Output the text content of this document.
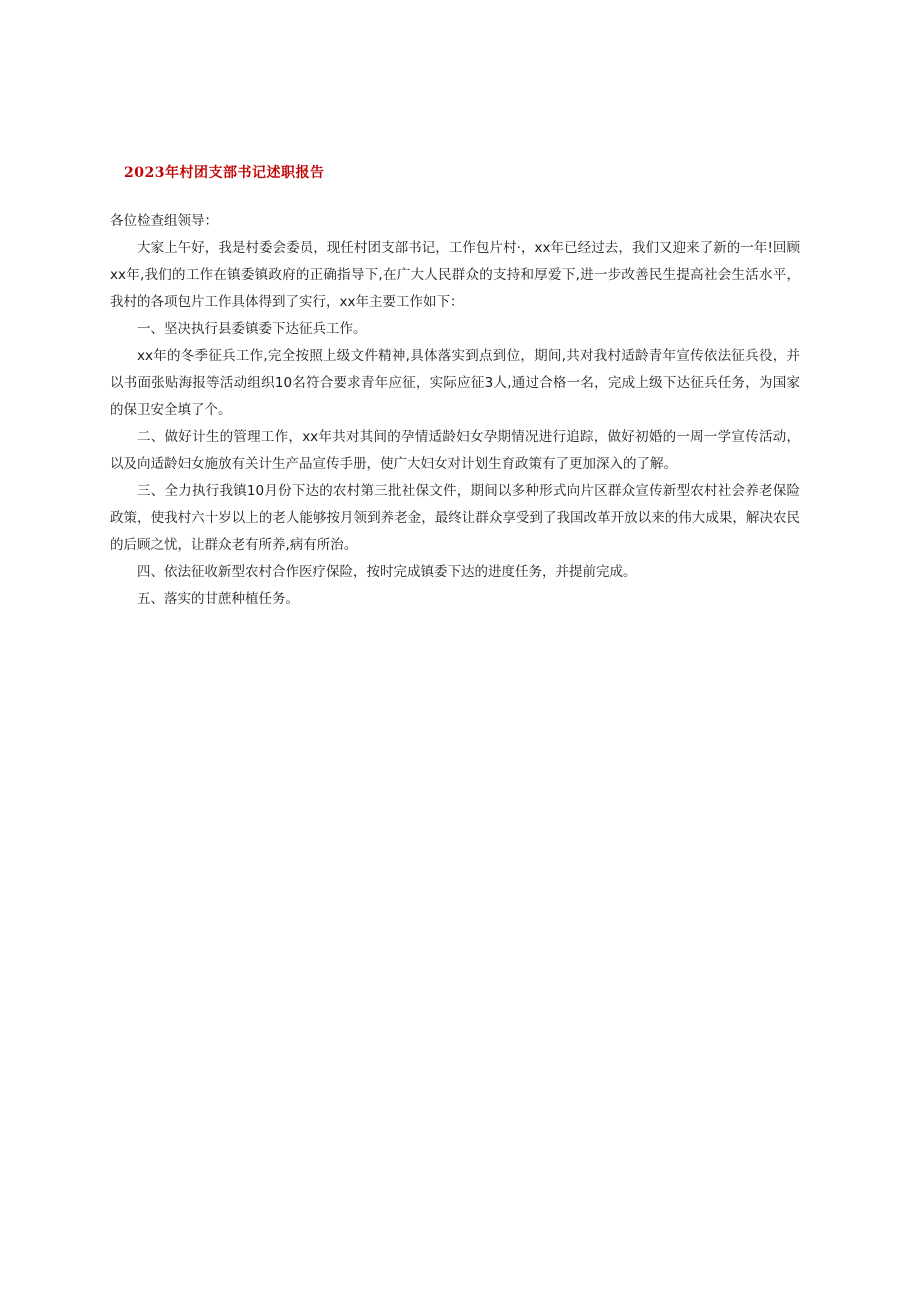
2023年村团支部书记述职报告

各位检查组领导：

大家上午好，我是村委会委员，现任村团支部书记，工作包片村·，xx年已经过去，我们又迎来了新的一年!回顾xx年,我们的工作在镇委镇政府的正确指导下,在广大人民群众的支持和厚爱下,进一步改善民生提高社会生活水平，我村的各项包片工作具体得到了实行，xx年主要工作如下：

一、坚决执行县委镇委下达征兵工作。

xx年的冬季征兵工作,完全按照上级文件精神,具体落实到点到位，期间,共对我村适龄青年宣传依法征兵役，并以书面张贴海报等活动组织10名符合要求青年应征，实际应征3人,通过合格一名，完成上级下达征兵任务，为国家的保卫安全填了个。

二、做好计生的管理工作，xx年共对其间的孕情适龄妇女孕期情况进行追踪，做好初婚的一周一学宣传活动，以及向适龄妇女施放有关计生产品宣传手册，使广大妇女对计划生育政策有了更加深入的了解。

三、全力执行我镇10月份下达的农村第三批社保文件，期间以多种形式向片区群众宣传新型农村社会养老保险政策，使我村六十岁以上的老人能够按月领到养老金，最终让群众享受到了我国改革开放以来的伟大成果，解决农民的后顾之忧，让群众老有所养,病有所治。

四、依法征收新型农村合作医疗保险，按时完成镇委下达的进度任务，并提前完成。

五、落实的甘蔗种植任务。
